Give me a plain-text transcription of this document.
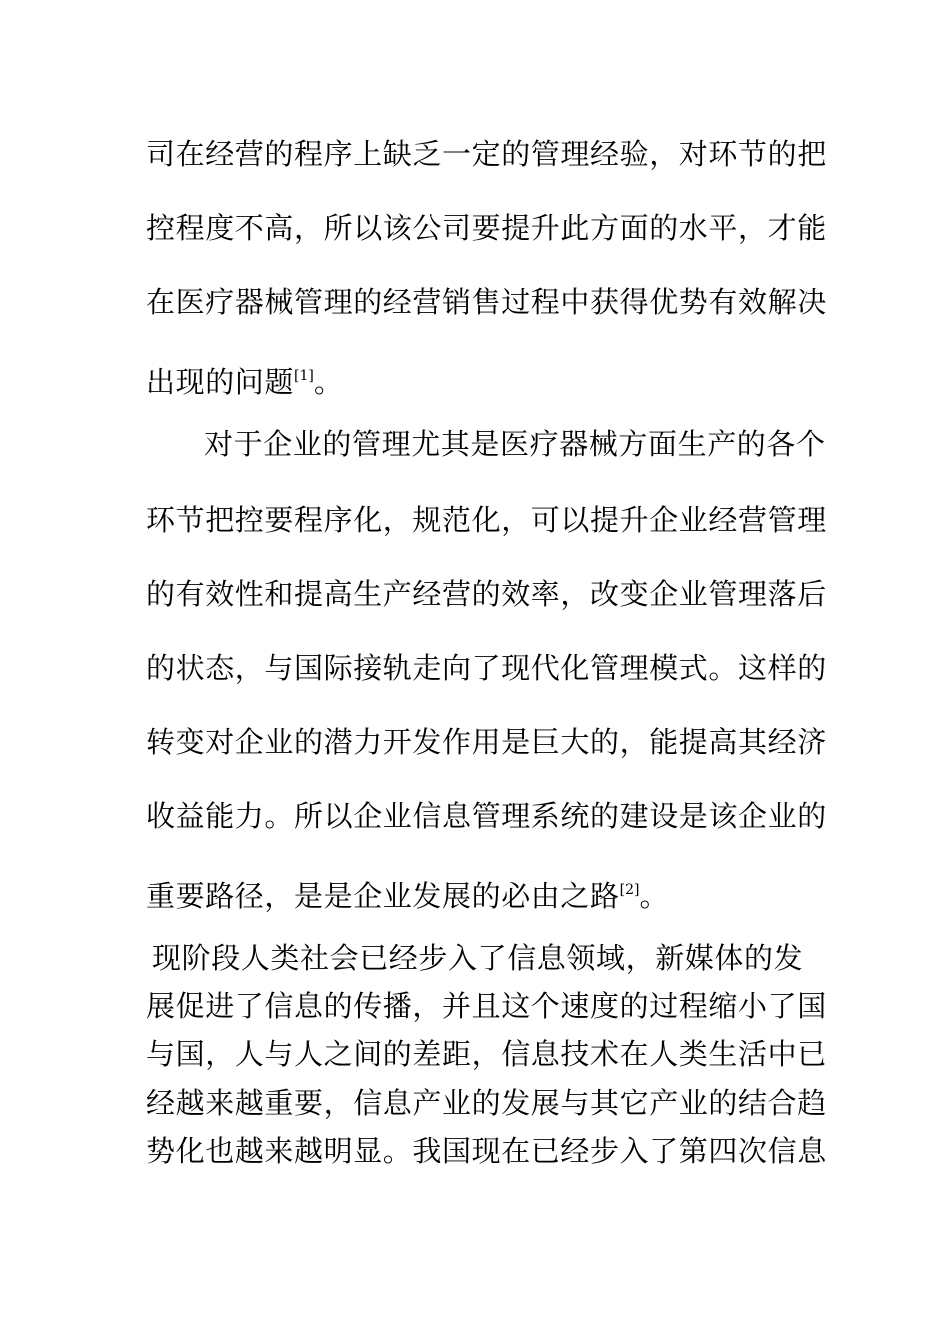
司在经营的程序上缺乏一定的管理经验，对环节的把
控程度不高，所以该公司要提升此方面的水平，才能
在医疗器械管理的经营销售过程中获得优势有效解决
出现的问题[1]。
对于企业的管理尤其是医疗器械方面生产的各个
环节把控要程序化，规范化，可以提升企业经营管理
的有效性和提高生产经营的效率，改变企业管理落后
的状态，与国际接轨走向了现代化管理模式。这样的
转变对企业的潜力开发作用是巨大的，能提高其经济
收益能力。所以企业信息管理系统的建设是该企业的
重要路径，是是企业发展的必由之路[2]。
现阶段人类社会已经步入了信息领域，新媒体的发
展促进了信息的传播，并且这个速度的过程缩小了国
与国，人与人之间的差距，信息技术在人类生活中已
经越来越重要，信息产业的发展与其它产业的结合趋
势化也越来越明显。我国现在已经步入了第四次信息
